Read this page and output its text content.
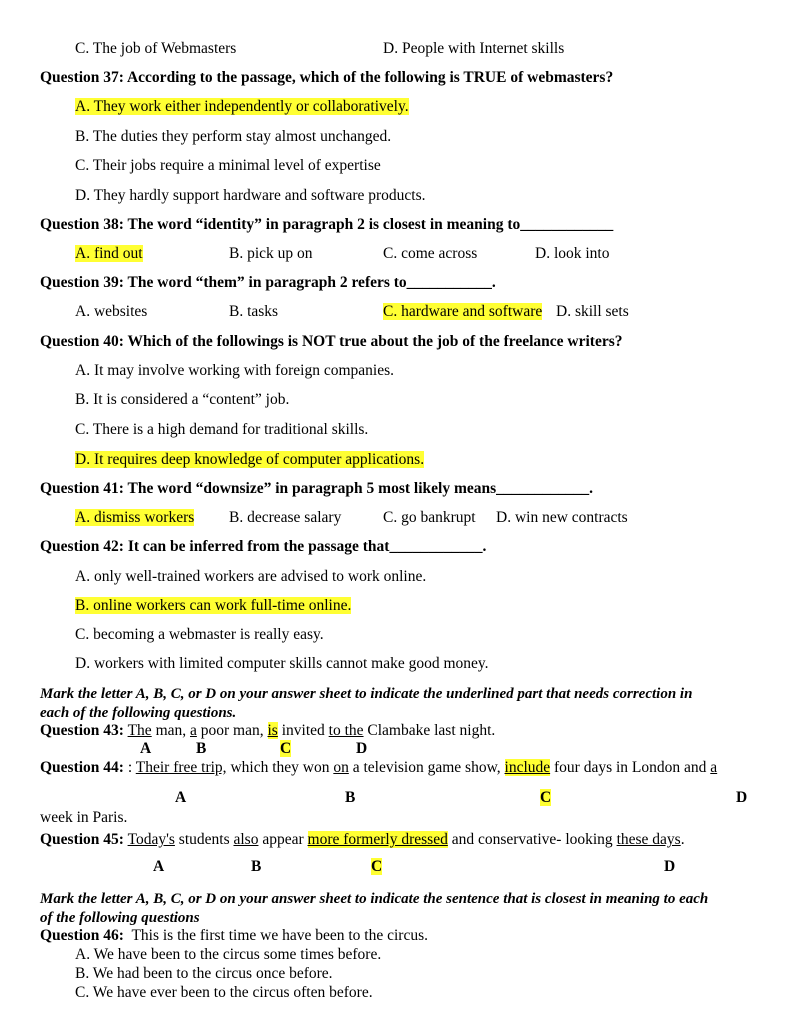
C. The job of Webmasters	D. People with Internet skills
Question 37: According to the passage, which of the following is TRUE of webmasters?
A. They work either independently or collaboratively.
B. The duties they perform stay almost unchanged.
C. Their jobs require a minimal level of expertise
D. They hardly support hardware and software products.
Question 38: The word “identity” in paragraph 2 is closest in meaning to____________
A. find out	B. pick up on	C. come across	D. look into
Question 39: The word “them” in paragraph 2 refers to___________.
A. websites	B. tasks	C. hardware and software D. skill sets
Question 40: Which of the followings is NOT true about the job of the freelance writers?
A. It may involve working with foreign companies.
B. It is considered a “content” job.
C. There is a high demand for traditional skills.
D. It requires deep knowledge of computer applications.
Question 41: The word “downsize” in paragraph 5 most likely means____________.
A. dismiss workers B. decrease salary	C. go bankrupt D. win new contracts
Question 42: It can be inferred from the passage that____________.
A. only well-trained workers are advised to work online.
B. online workers can work full-time online.
C. becoming a webmaster is really easy.
D. workers with limited computer skills cannot make good money.
Mark the letter A, B, C, or D on your answer sheet to indicate the underlined part that needs correction in
each of the following questions.
Question 43: The man, a poor man, is invited to the Clambake last night.
A	B	C	D
Question 44: : Their free trip, which they won on a television game show, include four days in London and a
A	B	C	D
week in Paris.
Question 45: Today's students also appear more formerly dressed and conservative- looking these days.
A	B	C	D
Mark the letter A, B, C, or D on your answer sheet to indicate the sentence that is closest in meaning to each
of the following questions
Question 46:  This is the first time we have been to the circus.
A. We have been to the circus some times before.
B. We had been to the circus once before.
C. We have ever been to the circus often before.
